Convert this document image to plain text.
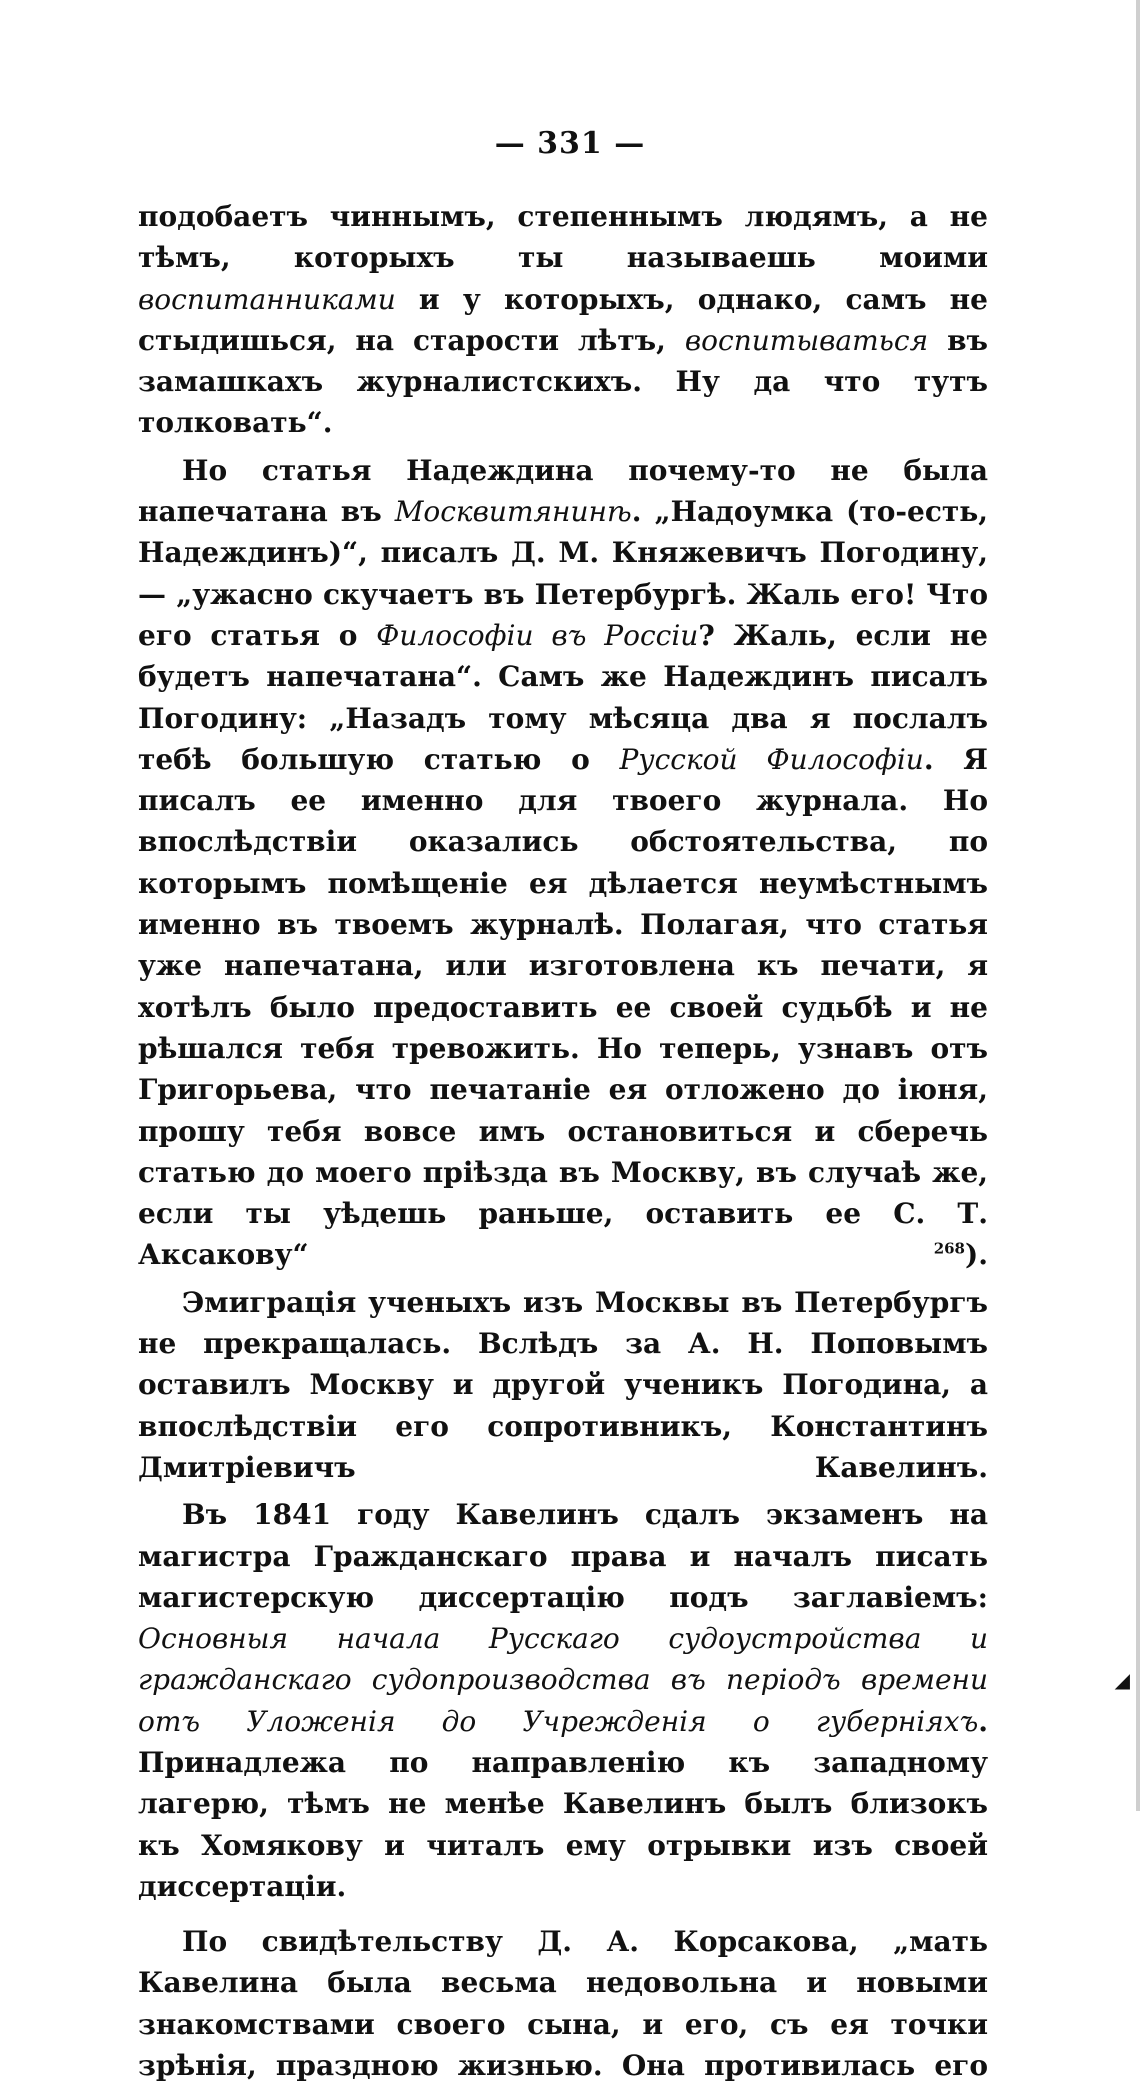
— 331 —

подобаетъ чиннымъ, степеннымъ людямъ, а не тѣмъ, которыхъ ты называешь моими воспитанниками и у которыхъ, однако, самъ не стыдишься, на старости лѣтъ, воспитываться въ замашкахъ журналистскихъ. Ну да что тутъ толковать“.

Но статья Надеждина почему-то не была напечатана въ Москвитянинѣ. „Надоумка (то-есть, Надеждинъ)“, писалъ Д. М. Княжевичъ Погодину, — „ужасно скучаетъ въ Петербургѣ. Жаль его! Что его статья о Философіи въ Россіи? Жаль, если не будетъ напечатана“. Самъ же Надеждинъ писалъ Погодину: „Назадъ тому мѣсяца два я послалъ тебѣ большую статью о Русской Философіи. Я писалъ ее именно для твоего журнала. Но впослѣдствіи оказались обстоятельства, по которымъ помѣщеніе ея дѣлается неумѣстнымъ именно въ твоемъ журналѣ. Полагая, что статья уже напечатана, или изготовлена къ печати, я хотѣлъ было предоставить ее своей судьбѣ и не рѣшался тебя тревожить. Но теперь, узнавъ отъ Григорьева, что печатаніе ея отложено до іюня, прошу тебя вовсе имъ остановиться и сберечь статью до моего пріѣзда въ Москву, въ случаѣ же, если ты уѣдешь раньше, оставить ее С. Т. Аксакову“ $^{268}$).

Эмиграція ученыхъ изъ Москвы въ Петербургъ не прекращалась. Вслѣдъ за А. Н. Поповымъ оставилъ Москву и другой ученикъ Погодина, а впослѣдствіи его сопротивникъ, Константинъ Дмитріевичъ Кавелинъ.

Въ 1841 году Кавелинъ сдалъ экзаменъ на магистра Гражданскаго права и началъ писать магистерскую диссертацію подъ заглавіемъ: Основныя начала Русскаго судоустройства и гражданскаго судопроизводства въ періодъ времени отъ Уложенія до Учрежденія о губерніяхъ. Принадлежа по направленію къ западному лагерю, тѣмъ не менѣе Кавелинъ былъ близокъ къ Хомякову и читалъ ему отрывки изъ своей диссертаціи.

По свидѣтельству Д. А. Корсакова, „мать Кавелина была весьма недовольна и новыми знакомствами своего сына, и его, съ ея точки зрѣнія, праздною жизнью. Она противилась его

◢
